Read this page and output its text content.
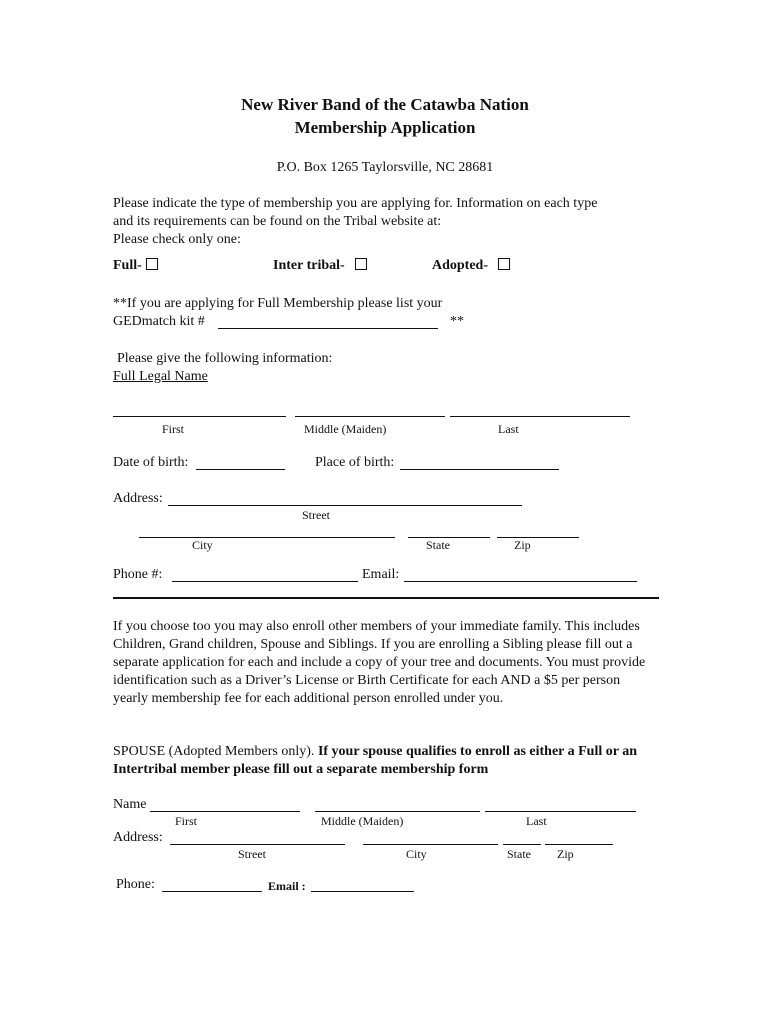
New River Band of the Catawba Nation
Membership Application
P.O. Box 1265 Taylorsville, NC 28681
Please indicate the type of membership you are applying for. Information on each type
and its requirements can be found on the Tribal website at:
Please check only one:
Full-	Inter tribal-	Adopted-
**If you are applying for Full Membership please list your
GEDmatch kit #	**
Please give the following information:
Full Legal Name
First	Middle (Maiden)	Last
Date of birth:	Place of birth:
Address:
Street
City	State	Zip
Phone #:	Email:
If you choose too you may also enroll other members of your immediate family. This includes Children, Grand children, Spouse and Siblings. If you are enrolling a Sibling please fill out a separate application for each and include a copy of your tree and documents. You must provide identification such as a Driver’s License or Birth Certificate for each AND a $5 per person yearly membership fee for each additional person enrolled under you.
SPOUSE (Adopted Members only). If your spouse qualifies to enroll as either a Full or an Intertribal member please fill out a separate membership form
Name
First	Middle (Maiden)	Last
Address:
Street	City	State Zip
Phone:	Email :
